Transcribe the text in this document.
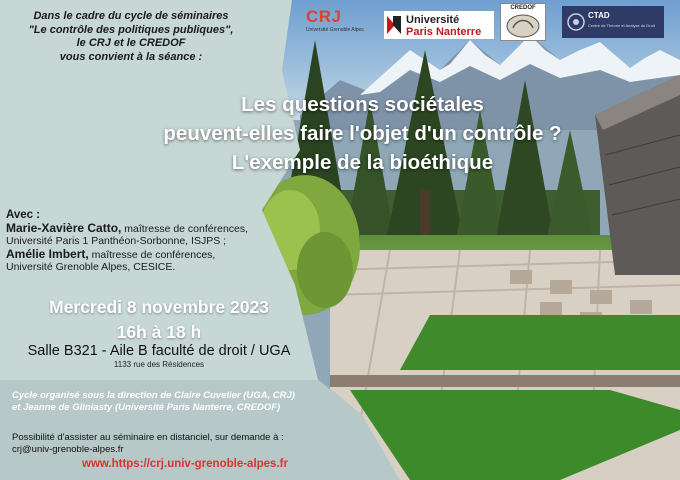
Dans le cadre du cycle de séminaires
"Le contrôle des politiques publiques",
le CRJ et le CREDOF
vous convient à la séance :
CRJ
Université Grenoble Alpes
Université
Paris Nanterre
CREDOF
CTAD
Centre de Théorie et Analyse du Droit
Les questions sociétales
peuvent-elles faire l'objet d'un contrôle ?
L'exemple de la bioéthique
Avec :
Marie-Xavière Catto, maîtresse de conférences,
Université Paris 1 Panthéon-Sorbonne, ISJPS ;
Amélie Imbert, maîtresse de conférences,
Université Grenoble Alpes, CESICE.
Mercredi 8 novembre 2023
16h à 18 h
Salle B321 - Aile B faculté de droit / UGA
1133 rue des Résidences
Cycle organisé sous la direction de Claire Cuvelier (UGA, CRJ)
et Jeanne de Gliniasty (Université Paris Nanterre, CREDOF)
Possibilité d'assister au séminaire en distanciel, sur demande à :
crj@univ-grenoble-alpes.fr
www.https://crj.univ-grenoble-alpes.fr
